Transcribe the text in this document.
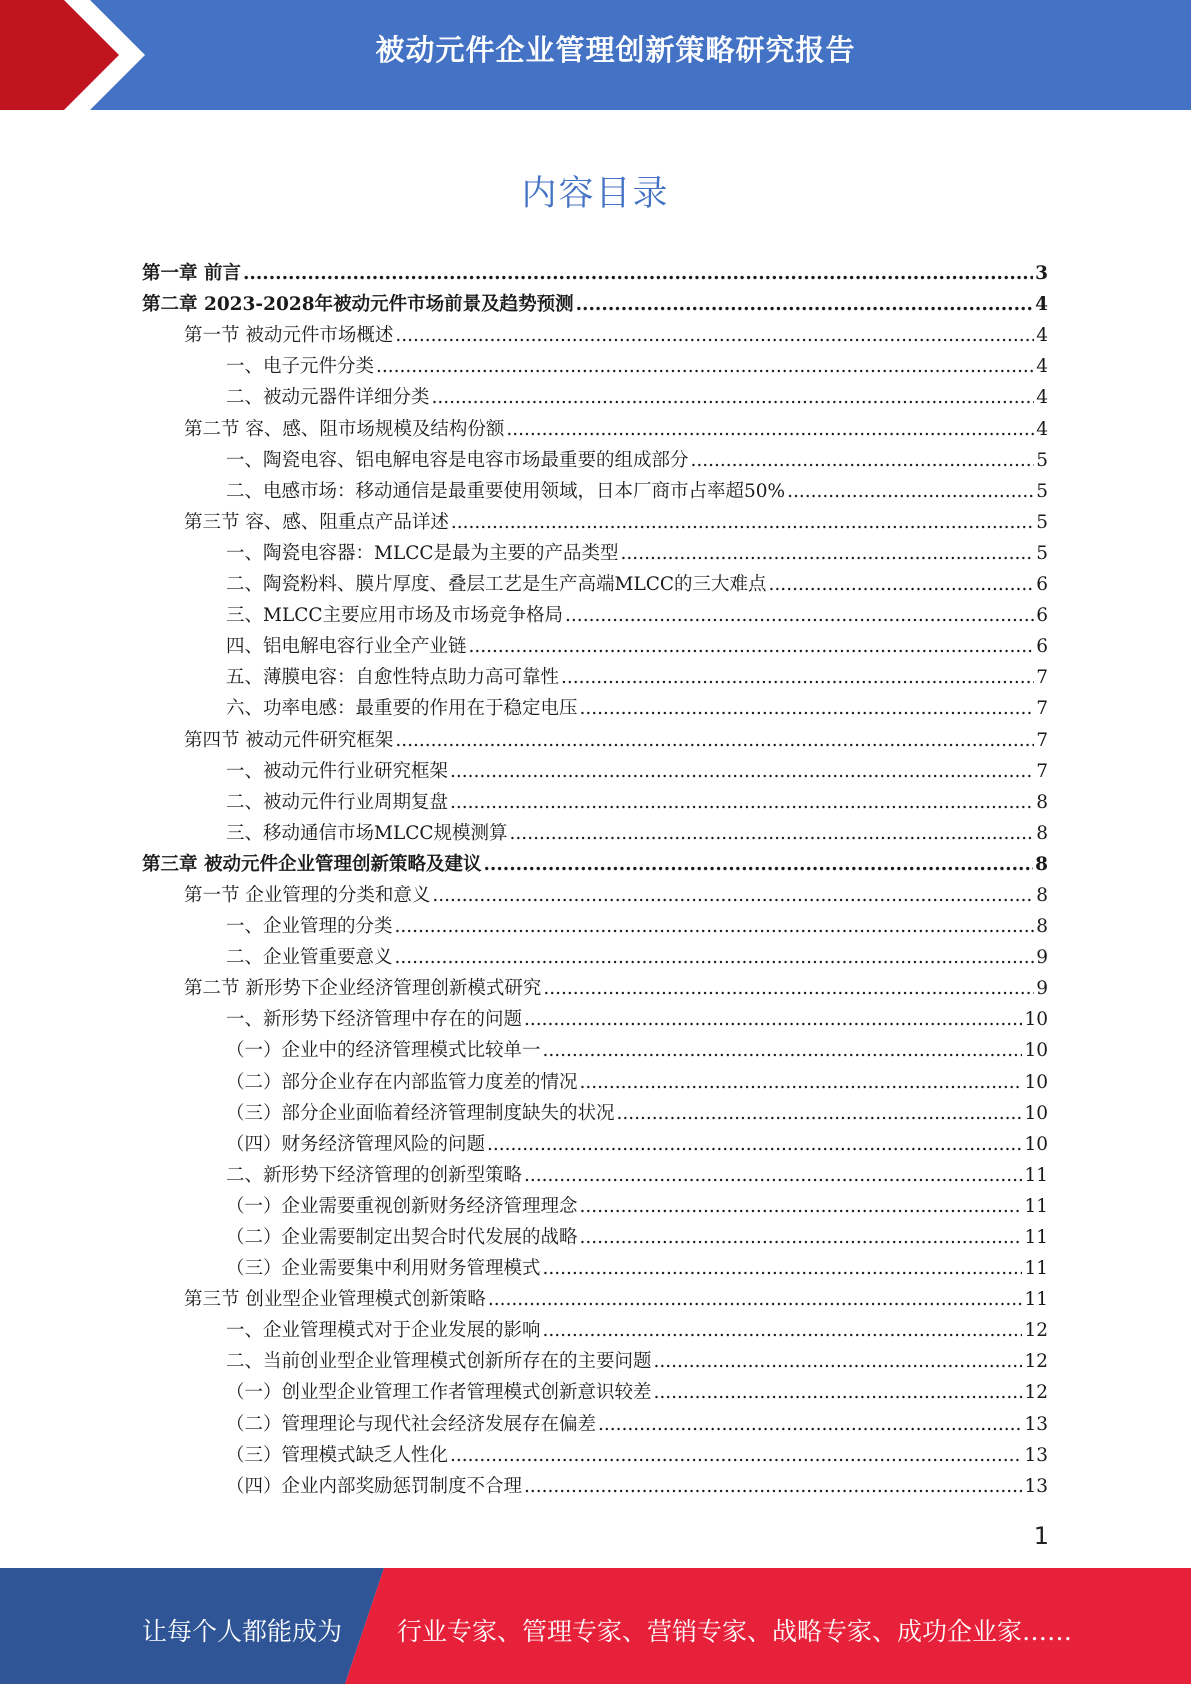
被动元件企业管理创新策略研究报告
内容目录
第一章 前言 .....	3
第二章 2023-2028年被动元件市场前景及趋势预测 .....	4
第一节 被动元件市场概述 .....	4
一、电子元件分类 .....	4
二、被动元器件详细分类 .....	4
第二节 容、感、阻市场规模及结构份额 .....	4
一、陶瓷电容、铝电解电容是电容市场最重要的组成部分 .....	5
二、电感市场：移动通信是最重要使用领域，日本厂商市占率超50% .....	5
第三节 容、感、阻重点产品详述 .....	5
一、陶瓷电容器：MLCC是最为主要的产品类型 .....	5
二、陶瓷粉料、膜片厚度、叠层工艺是生产高端MLCC的三大难点 .....	6
三、MLCC主要应用市场及市场竞争格局 .....	6
四、铝电解电容行业全产业链 .....	6
五、薄膜电容：自愈性特点助力高可靠性 .....	7
六、功率电感：最重要的作用在于稳定电压 .....	7
第四节 被动元件研究框架 .....	7
一、被动元件行业研究框架 .....	7
二、被动元件行业周期复盘 .....	8
三、移动通信市场MLCC规模测算 .....	8
第三章 被动元件企业管理创新策略及建议 .....	8
第一节 企业管理的分类和意义 .....	8
一、企业管理的分类 .....	8
二、企业管重要意义 .....	9
第二节 新形势下企业经济管理创新模式研究 .....	9
一、新形势下经济管理中存在的问题 .....	10
（一）企业中的经济管理模式比较单一 .....	10
（二）部分企业存在内部监管力度差的情况 .....	10
（三）部分企业面临着经济管理制度缺失的状况 .....	10
（四）财务经济管理风险的问题 .....	10
二、新形势下经济管理的创新型策略 .....	11
（一）企业需要重视创新财务经济管理理念 .....	11
（二）企业需要制定出契合时代发展的战略 .....	11
（三）企业需要集中利用财务管理模式 .....	11
第三节 创业型企业管理模式创新策略 .....	11
一、企业管理模式对于企业发展的影响 .....	12
二、当前创业型企业管理模式创新所存在的主要问题 .....	12
（一）创业型企业管理工作者管理模式创新意识较差 .....	12
（二）管理理论与现代社会经济发展存在偏差 .....	13
（三）管理模式缺乏人性化 .....	13
（四）企业内部奖励惩罚制度不合理 .....	13
1
让每个人都能成为 行业专家、管理专家、营销专家、战略专家、成功企业家……
